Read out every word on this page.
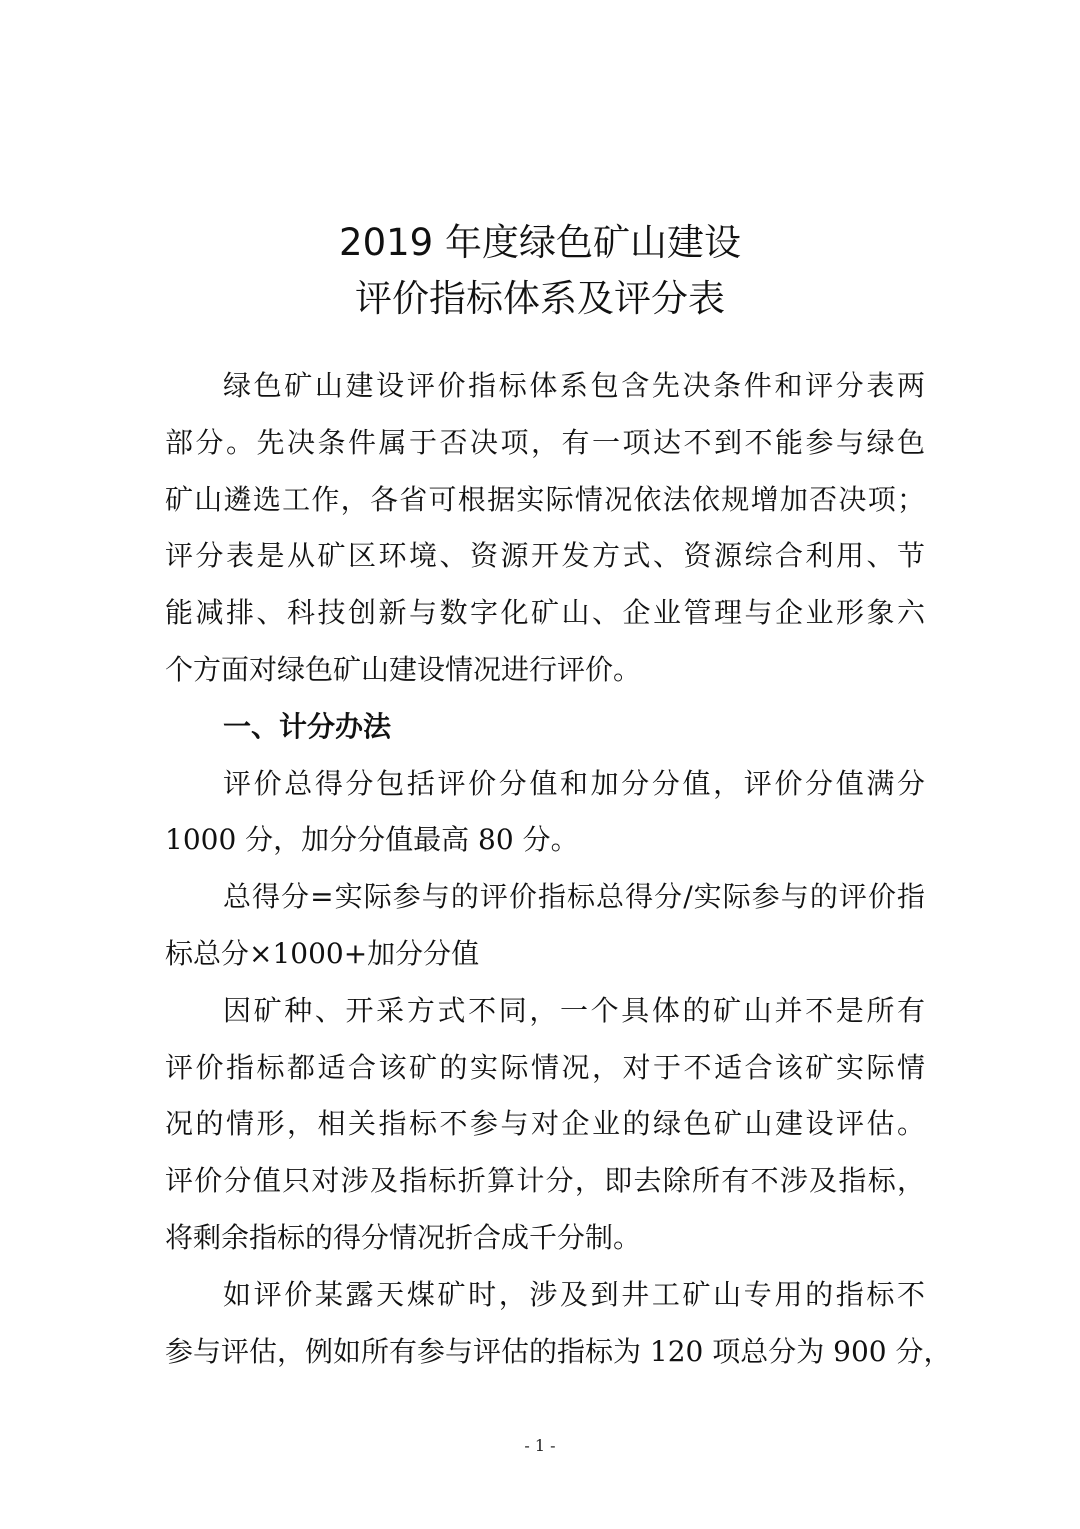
2019 年度绿色矿山建设
评价指标体系及评分表
绿色矿山建设评价指标体系包含先决条件和评分表两
部分。先决条件属于否决项，有一项达不到不能参与绿色
矿山遴选工作，各省可根据实际情况依法依规增加否决项；
评分表是从矿区环境、资源开发方式、资源综合利用、节
能减排、科技创新与数字化矿山、企业管理与企业形象六
个方面对绿色矿山建设情况进行评价。
一、计分办法
评价总得分包括评价分值和加分分值，评价分值满分
1000 分，加分分值最高 80 分。
总得分=实际参与的评价指标总得分/实际参与的评价指
标总分×1000+加分分值
因矿种、开采方式不同，一个具体的矿山并不是所有
评价指标都适合该矿的实际情况，对于不适合该矿实际情
况的情形，相关指标不参与对企业的绿色矿山建设评估。
评价分值只对涉及指标折算计分，即去除所有不涉及指标，
将剩余指标的得分情况折合成千分制。
如评价某露天煤矿时，涉及到井工矿山专用的指标不
参与评估，例如所有参与评估的指标为 120 项总分为 900 分，
- 1 -
